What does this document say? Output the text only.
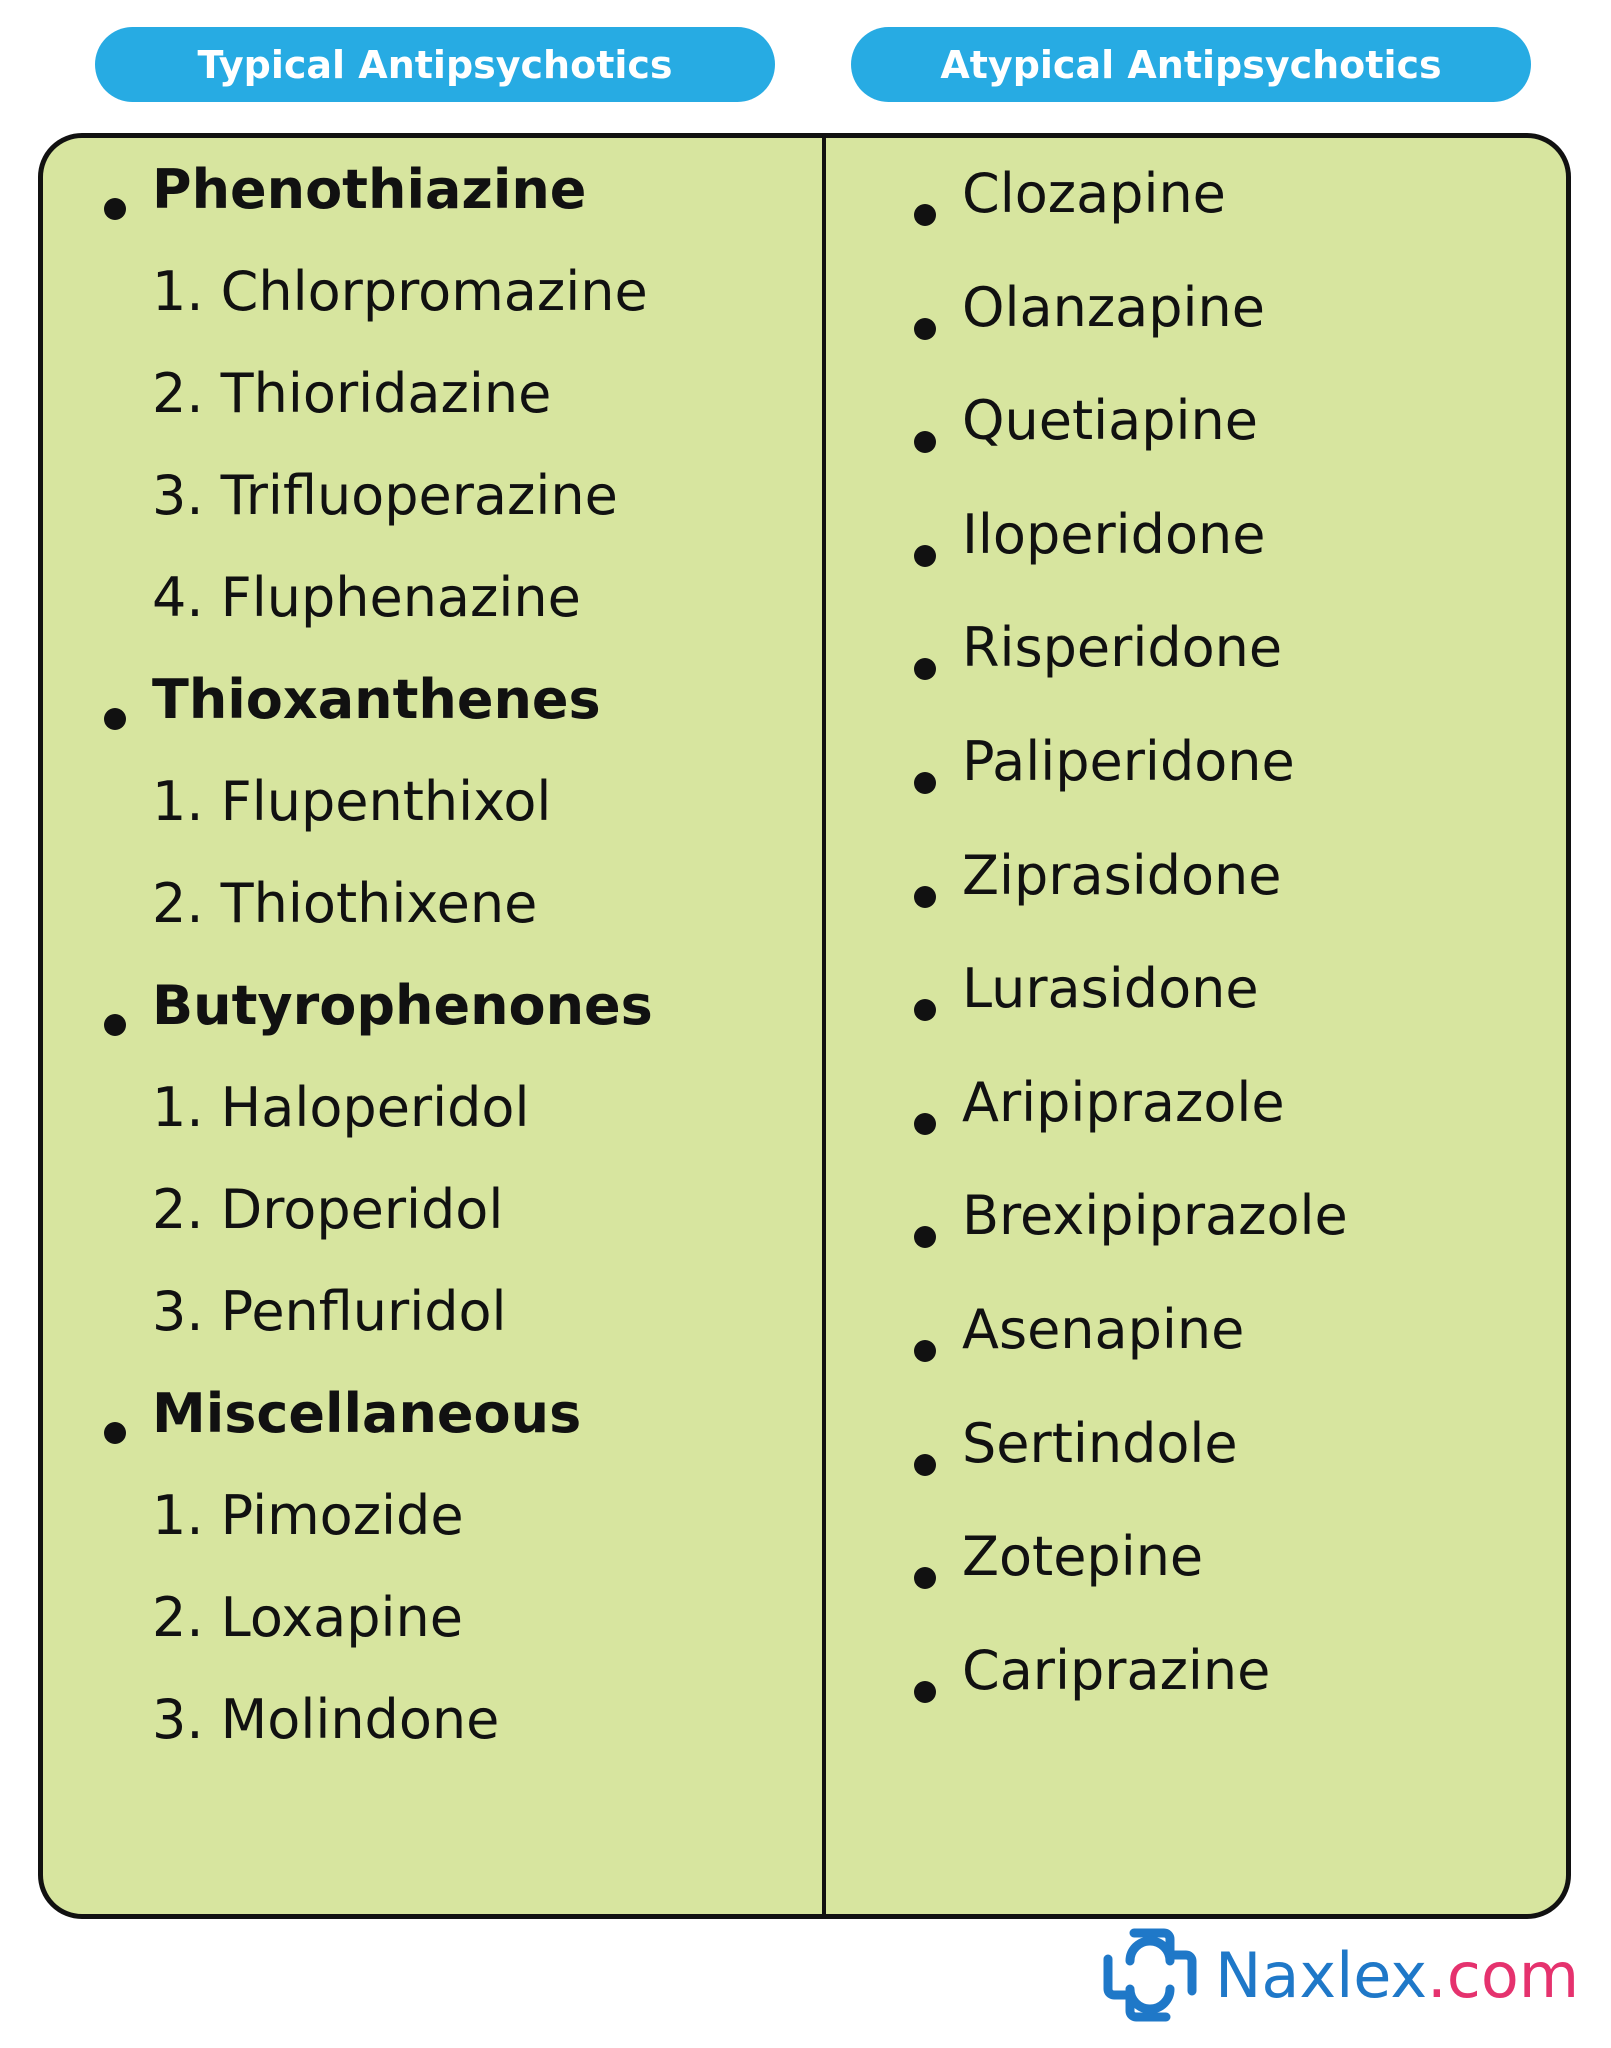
Typical Antipsychotics	Atypical Antipsychotics
Phenothiazine
1. Chlorpromazine
2. Thioridazine
3. Trifluoperazine
4. Fluphenazine
Thioxanthenes
1. Flupenthixol
2. Thiothixene
Butyrophenones
1. Haloperidol
2. Droperidol
3. Penfluridol
Miscellaneous
1. Pimozide
2. Loxapine
3. Molindone
Clozapine
Olanzapine
Quetiapine
Iloperidone
Risperidone
Paliperidone
Ziprasidone
Lurasidone
Aripiprazole
Brexipiprazole
Asenapine
Sertindole
Zotepine
Cariprazine
Naxlex.com
